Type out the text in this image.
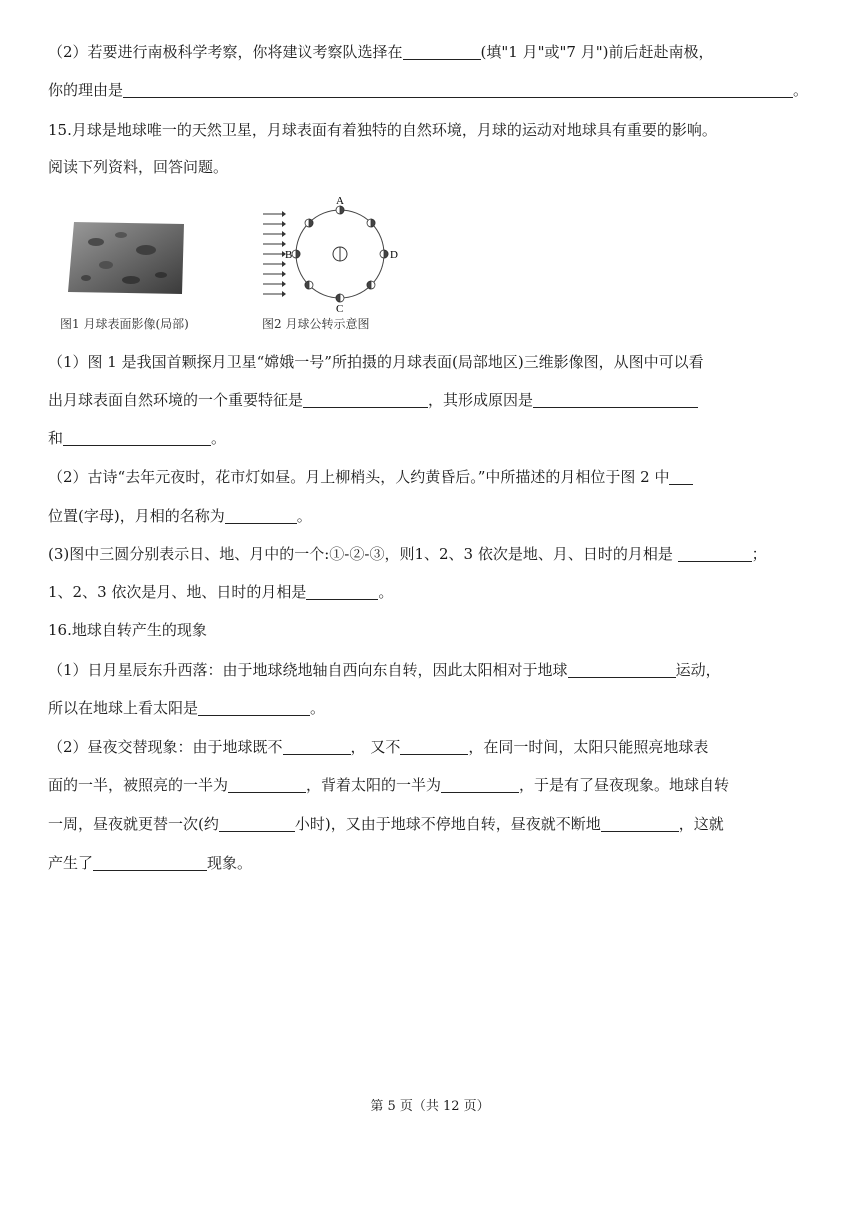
（2）若要进行南极科学考察，你将建议考察队选择在	(填"1 月"或"7 月")前后赶赴南极，
你的理由是	。
15.月球是地球唯一的天然卫星，月球表面有着独特的自然环境，月球的运动对地球具有重要的影响。
阅读下列资料，回答问题。
图1 月球表面影像(局部)
A
B
C
D
图2 月球公转示意图
（1）图 1 是我国首颗探月卫星“嫦娥一号”所拍摄的月球表面(局部地区)三维影像图，从图中可以看
出月球表面自然环境的一个重要特征是	，其形成原因是
和	。
（2）古诗“去年元夜时，花市灯如昼。月上柳梢头，人约黄昏后。”中所描述的月相位于图 2 中
位置(字母)，月相的名称为	。
(3)图中三圆分别表示日、地、月中的一个:①-②-③，则1、2、3 依次是地、月、日时的月相是	；
1、2、3 依次是月、地、日时的月相是	。
16.地球自转产生的现象
（1）日月星辰东升西落：由于地球绕地轴自西向东自转，因此太阳相对于地球	运动，
所以在地球上看太阳是	。
（2）昼夜交替现象：由于地球既不	， 又不	，在同一时间，太阳只能照亮地球表
面的一半，被照亮的一半为	，背着太阳的一半为	，于是有了昼夜现象。地球自转
一周，昼夜就更替一次(约	小时)，又由于地球不停地自转，昼夜就不断地	，这就
产生了	现象。
第 5 页（共 12 页）
